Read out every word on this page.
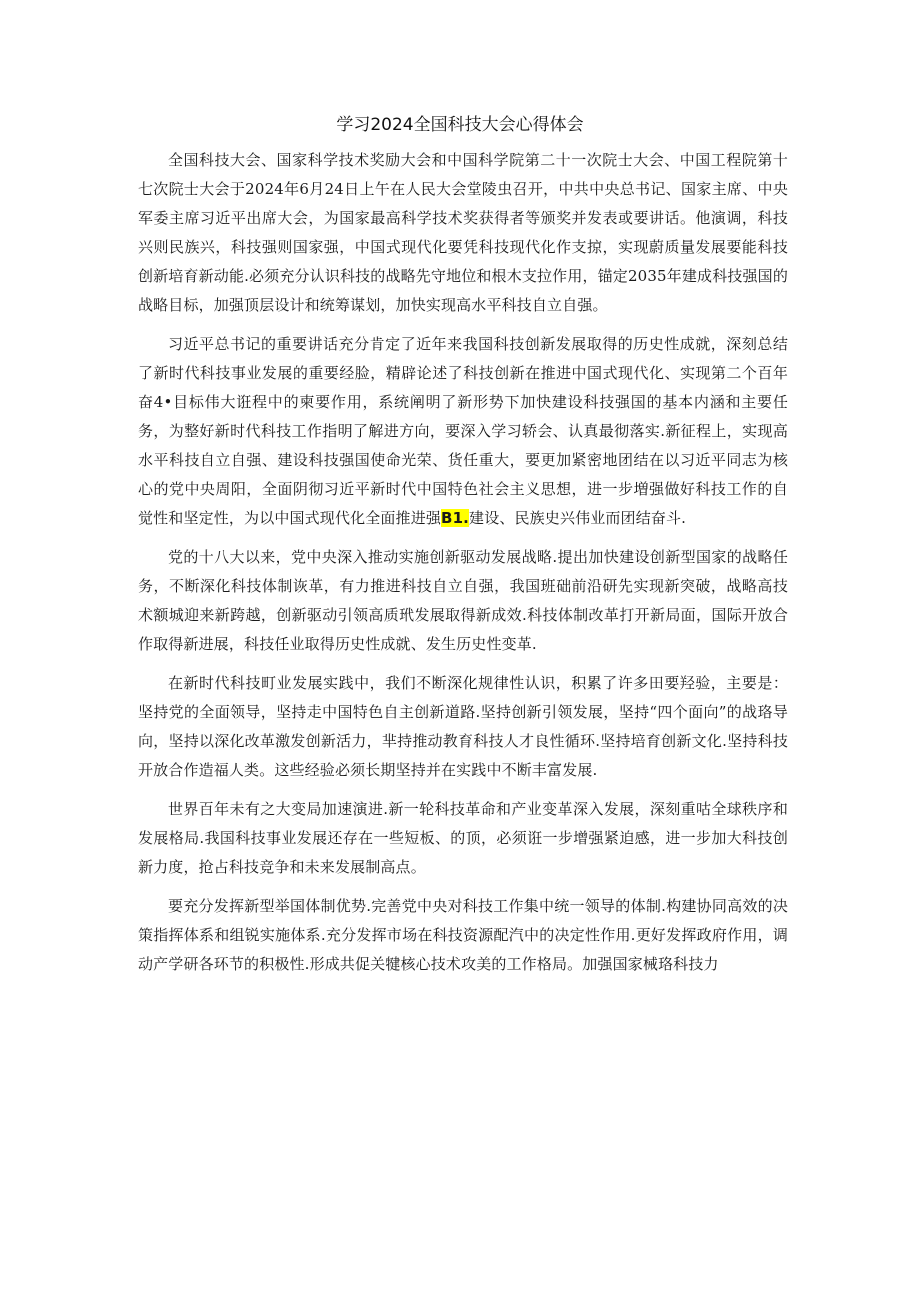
学习2024全国科技大会心得体会

全国科技大会、国家科学技术奖励大会和中国科学院第二十一次院士大会、中国工程院第十七次院士大会于2024年6月24日上午在人民大会堂陵虫召开，中共中央总书记、国家主席、中央军委主席习近平出席大会，为国家最高科学技术奖获得者等颁奖并发表或要讲话。他演调，科技兴则民族兴，科技强则国家强，中国式现代化要凭科技现代化作支掠，实现蔚质量发展要能科技创新培育新动能.必须充分认识科技的战略先守地位和根木支拉作用，锚定2035年建成科技强国的战略目标，加强顶层设计和统筹谋划，加快实现高水平科技自立自强。

习近平总书记的重要讲话充分肯定了近年来我国科技创新发展取得的历史性成就，深刻总结了新时代科技事业发展的重要经脸，精辟论述了科技创新在推进中国式现代化、实现第二个百年奋4•目标伟大诳程中的柬要作用，系统阐明了新形势下加快建设科技强国的基本内涵和主要任务，为整好新时代科技工作指明了解进方向，要深入学习轿会、认真最彻落实.新征程上，实现高水平科技自立自强、建设科技强国使命光荣、货任重大，要更加紧密地团结在以习近平同志为核心的党中央周阳，全面阴彻习近平新时代中国特色社会主义思想，进一步増强做好科技工作的自觉性和坚定性，为以中国式现代化全面推进强B1.建设、民族史兴伟业而团结奋斗.

党的十八大以来，党中央深入推动实施创新驱动发展战略.提出加快建设创新型国家的战略任务，不断深化科技体制诙革，有力推进科技自立自强，我国班础前沿研先实现新突破，战略高技术额城迎来新跨越，创新驱动引领高质玳发展取得新成效.科技体制改革打开新局面，国际开放合作取得新进展，科技任业取得历史性成就、发生历史性变革.

在新时代科技町业发展实践中，我们不断深化规律性认识，积累了许多田要羟验，主要是：坚持党的全面领导，坚持走中国特色自主创新道路.坚持创新引领发展，坚持“四个面向”的战珞导向，坚持以深化改革激发创新活力，芈持推动教育科技人才良性循环.坚持培育创新文化.坚持科技开放合作造福人类。这些经验必须长期坚持并在实践中不断丰富发展.

世界百年未有之大变局加速演进.新一轮科技革命和产业变革深入发展，深刻重咕全球秩序和发展格局.我国科技事业发展还存在一些短板、的顶，必须诳一步增强紧迫感，进一步加大科技创新力度，抢占科技竞争和未来发展制高点。

要充分发挥新型举国体制优势.完善党中央对科技工作集中统一领导的体制.构建协同高效的决策指挥体系和组锐实施体系.充分发挥市场在科技资源配汽中的决定性作用.更好发挥政府作用，调动产学研各环节的积极性.形成共促关犍核心技术攻美的工作格局。加强国家械珞科技力
